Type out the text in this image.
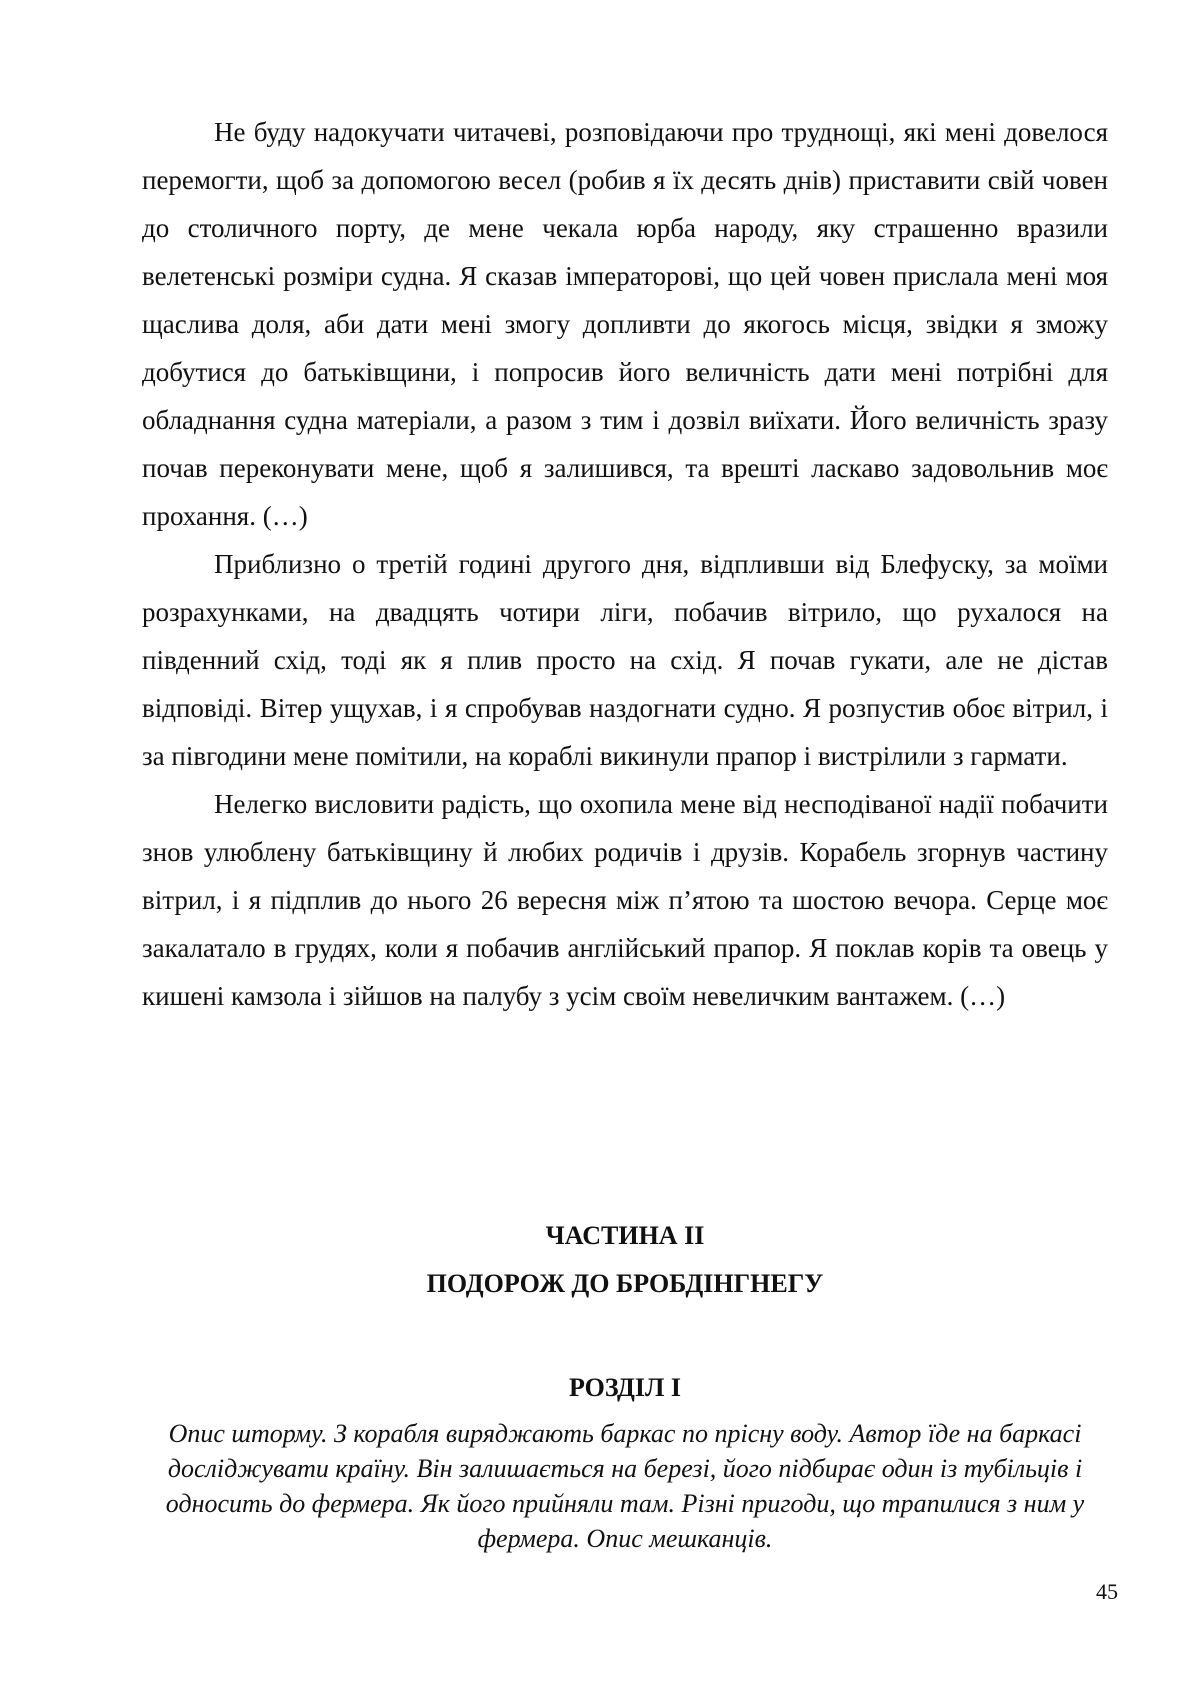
Не буду надокучати читачеві, розповідаючи про труднощі, які мені довелося перемогти, щоб за допомогою весел (робив я їх десять днів) приставити свій човен до столичного порту, де мене чекала юрба народу, яку страшенно вразили велетенські розміри судна. Я сказав імператорові, що цей човен прислала мені моя щаслива доля, аби дати мені змогу допливти до якогось місця, звідки я зможу добутися до батьківщини, і попросив його величність дати мені потрібні для обладнання судна матеріали, а разом з тим і дозвіл виїхати. Його величність зразу почав переконувати мене, щоб я залишився, та врешті ласкаво задовольнив моє прохання. (…)

Приблизно о третій годині другого дня, відпливши від Блефуску, за моїми розрахунками, на двадцять чотири ліги, побачив вітрило, що рухалося на південний схід, тоді як я плив просто на схід. Я почав гукати, але не дістав відповіді. Вітер ущухав, і я спробував наздогнати судно. Я розпустив обоє вітрил, і за півгодини мене помітили, на кораблі викинули прапор і вистрілили з гармати.

Нелегко висловити радість, що охопила мене від несподіваної надії побачити знов улюблену батьківщину й любих родичів і друзів. Корабель згорнув частину вітрил, і я підплив до нього 26 вересня між п’ятою та шостою вечора. Серце моє закалатало в грудях, коли я побачив англійський прапор. Я поклав корів та овець у кишені камзола і зійшов на палубу з усім своїм невеличким вантажем. (…)

ЧАСТИНА II
ПОДОРОЖ ДО БРОБДІНГНЕГУ
РОЗДІЛ I

Опис шторму. З корабля виряджають баркас по прісну воду. Автор їде на баркасі досліджувати країну. Він залишається на березі, його підбирає один із тубільців і односить до фермера. Як його прийняли там. Різні пригоди, що трапилися з ним у фермера. Опис мешканців.

45
